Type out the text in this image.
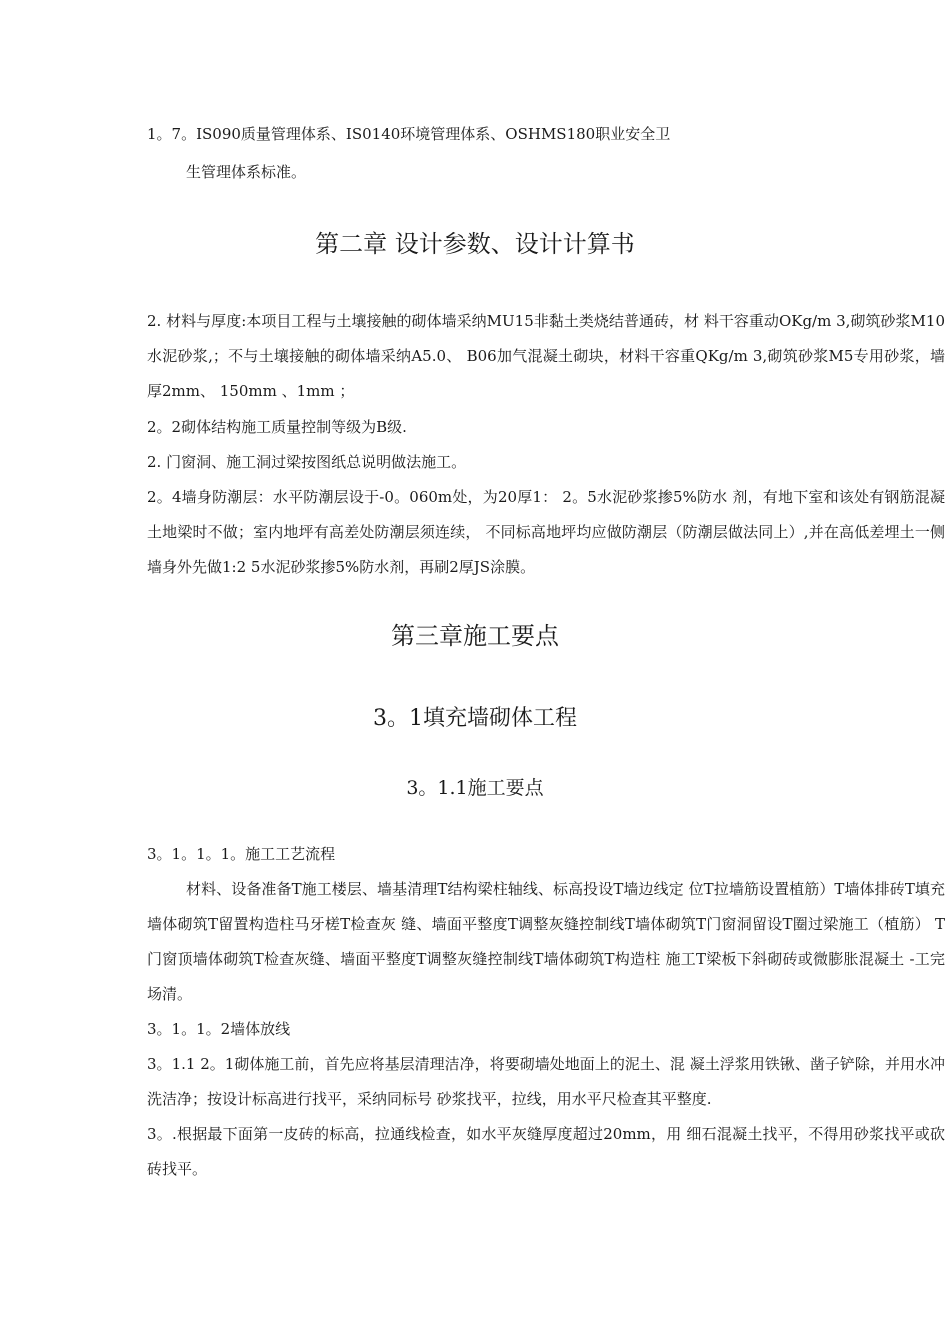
1。7。IS090质量管理体系、IS0140环境管理体系、OSHMS180职业安全卫
生管理体系标准。
第二章 设计参数、设计计算书
2. 材料与厚度:本项目工程与土壤接触的砌体墙采纳MU15非黏土类烧结普通砖，材 料干容重动OKg/m 3,砌筑砂浆M10水泥砂浆,；不与土壤接触的砌体墙采纳A5.0、 B06加气混凝土砌块，材料干容重QKg/m 3,砌筑砂浆M5专用砂浆，墙厚2mm、 150mm 、1mm ；
2。2砌体结构施工质量控制等级为B级.
2. 门窗洞、施工洞过梁按图纸总说明做法施工。
2。4墙身防潮层：水平防潮层设于-0。060m处，为20厚1： 2。5水泥砂浆掺5%防水 剂，有地下室和该处有钢筋混凝土地梁时不做；室内地坪有高差处防潮层须连续， 不同标高地坪均应做防潮层（防潮层做法同上）,并在高低差埋土一侧墙身外先做1:2 5水泥砂浆掺5%防水剂，再刷2厚JS涂膜。
第三章施工要点
3。1填充墙砌体工程
3。1.1施工要点
3。1。1。1。施工工艺流程
材料、设备准备T施工楼层、墙基清理T结构梁柱轴线、标高投设T墙边线定 位T拉墙筋设置植筋）T墙体排砖T填充墙体砌筑T留置构造柱马牙槎T检查灰 缝、墙面平整度T调整灰缝控制线T墙体砌筑T门窗洞留设T圈过梁施工（植筋） T门窗顶墙体砌筑T检查灰缝、墙面平整度T调整灰缝控制线T墙体砌筑T构造柱 施工T梁板下斜砌砖或微膨胀混凝土 -工完场清。
3。1。1。2墙体放线
3。1.1 2。1砌体施工前，首先应将基层清理洁净，将要砌墙处地面上的泥土、混 凝土浮浆用铁锹、凿子铲除，并用水冲洗洁净；按设计标高进行找平，采纳同标号 砂浆找平，拉线，用水平尺检查其平整度.
3。.根据最下面第一皮砖的标高，拉通线检查，如水平灰缝厚度超过20mm，用 细石混凝土找平，不得用砂浆找平或砍砖找平。
